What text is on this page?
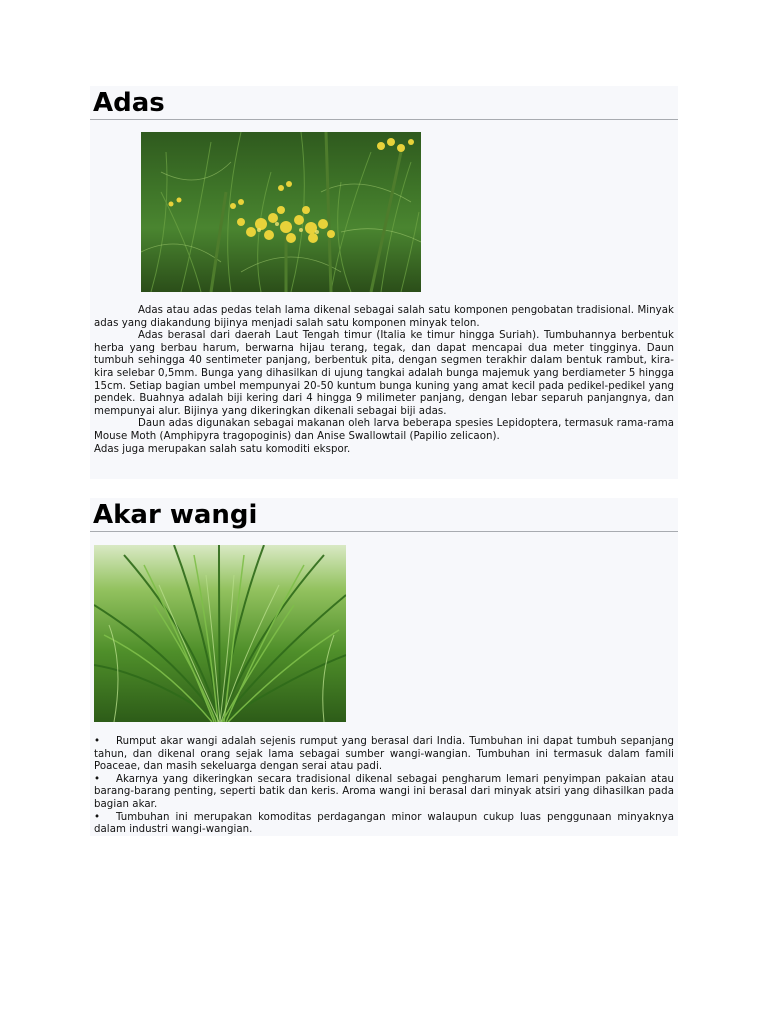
Adas
Adas atau adas pedas telah lama dikenal sebagai salah satu komponen pengobatan tradisional. Minyak adas yang diakandung bijinya menjadi salah satu komponen minyak telon.
Adas berasal dari daerah Laut Tengah timur (Italia ke timur hingga Suriah). Tumbuhannya berbentuk herba yang berbau harum, berwarna hijau terang, tegak, dan dapat mencapai dua meter tingginya. Daun tumbuh sehingga 40 sentimeter panjang, berbentuk pita, dengan segmen terakhir dalam bentuk rambut, kira-kira selebar 0,5mm. Bunga yang dihasilkan di ujung tangkai adalah bunga majemuk yang berdiameter 5 hingga 15cm. Setiap bagian umbel mempunyai 20-50 kuntum bunga kuning yang amat kecil pada pedikel-pedikel yang pendek. Buahnya adalah biji kering dari 4 hingga 9 milimeter panjang, dengan lebar separuh panjangnya, dan mempunyai alur. Bijinya yang dikeringkan dikenali sebagai biji adas.
Daun adas digunakan sebagai makanan oleh larva beberapa spesies Lepidoptera, termasuk rama-rama Mouse Moth (Amphipyra tragopoginis) dan Anise Swallowtail (Papilio zelicaon).
Adas juga merupakan salah satu komoditi ekspor.
Akar wangi
• Rumput akar wangi adalah sejenis rumput yang berasal dari India. Tumbuhan ini dapat tumbuh sepanjang tahun, dan dikenal orang sejak lama sebagai sumber wangi-wangian. Tumbuhan ini termasuk dalam famili Poaceae, dan masih sekeluarga dengan serai atau padi.
• Akarnya yang dikeringkan secara tradisional dikenal sebagai pengharum lemari penyimpan pakaian atau barang-barang penting, seperti batik dan keris. Aroma wangi ini berasal dari minyak atsiri yang dihasilkan pada bagian akar.
• Tumbuhan ini merupakan komoditas perdagangan minor walaupun cukup luas penggunaan minyaknya dalam industri wangi-wangian.
